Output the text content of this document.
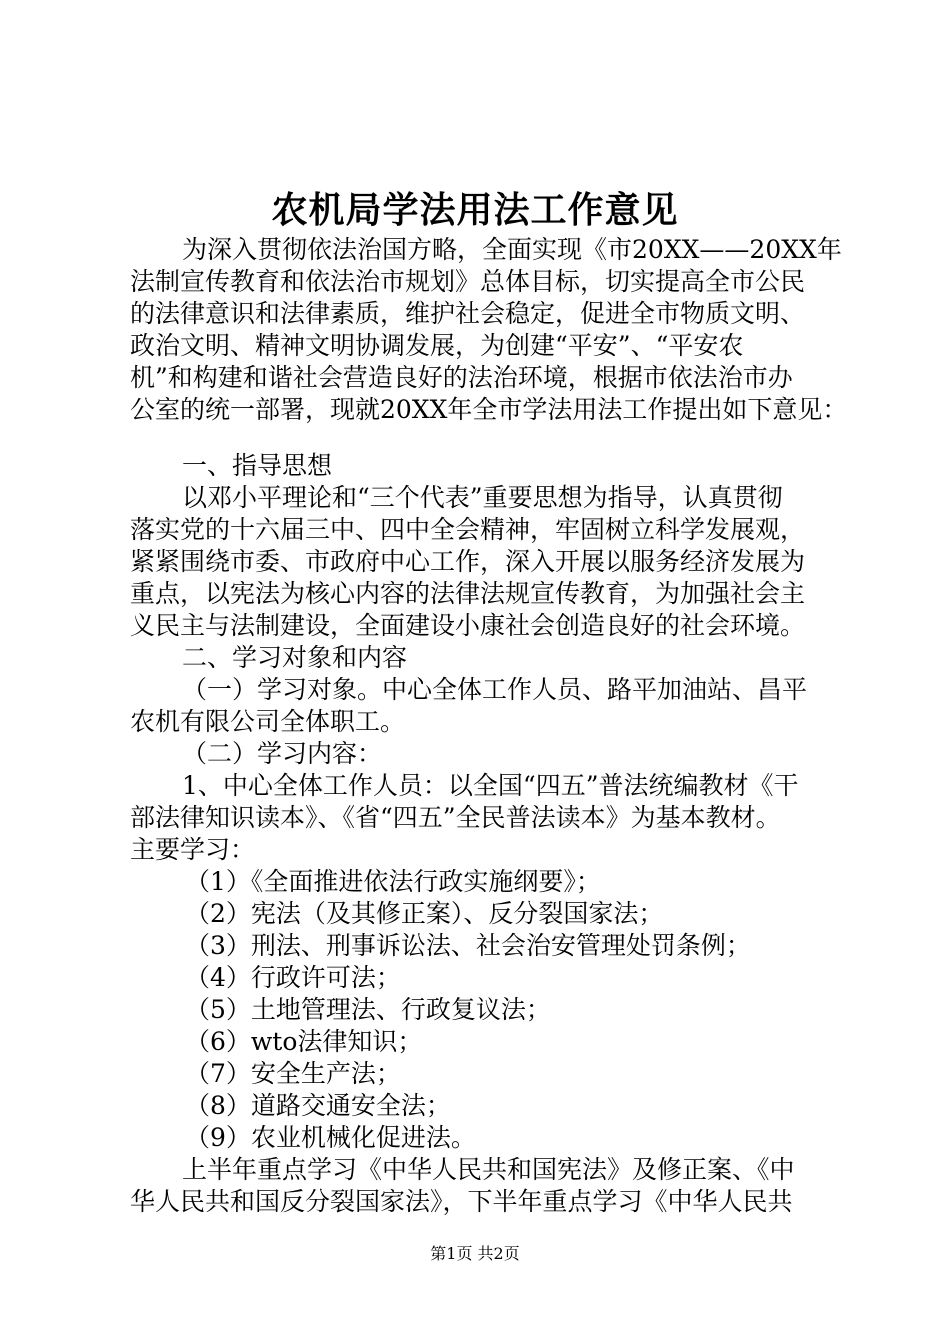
农机局学法用法工作意见
为深入贯彻依法治国方略，全面实现《市20XX——20XX年
法制宣传教育和依法治市规划》总体目标，切实提高全市公民
的法律意识和法律素质，维护社会稳定，促进全市物质文明、
政治文明、精神文明协调发展，为创建“平安”、“平安农
机”和构建和谐社会营造良好的法治环境，根据市依法治市办
公室的统一部署，现就20XX年全市学法用法工作提出如下意见：
一、指导思想
以邓小平理论和“三个代表”重要思想为指导，认真贯彻
落实党的十六届三中、四中全会精神，牢固树立科学发展观，
紧紧围绕市委、市政府中心工作，深入开展以服务经济发展为
重点，以宪法为核心内容的法律法规宣传教育，为加强社会主
义民主与法制建设，全面建设小康社会创造良好的社会环境。
二、学习对象和内容
（一）学习对象。中心全体工作人员、路平加油站、昌平
农机有限公司全体职工。
（二）学习内容：
1、中心全体工作人员：以全国“四五”普法统编教材《干
部法律知识读本》、《省“四五”全民普法读本》为基本教材。
主要学习：
（1）《全面推进依法行政实施纲要》；
（2）宪法（及其修正案）、反分裂国家法；
（3）刑法、刑事诉讼法、社会治安管理处罚条例；
（4）行政许可法；
（5）土地管理法、行政复议法；
（6）wto法律知识；
（7）安全生产法；
（8）道路交通安全法；
（9）农业机械化促进法。
上半年重点学习《中华人民共和国宪法》及修正案、《中
华人民共和国反分裂国家法》，下半年重点学习《中华人民共
第1页 共2页
